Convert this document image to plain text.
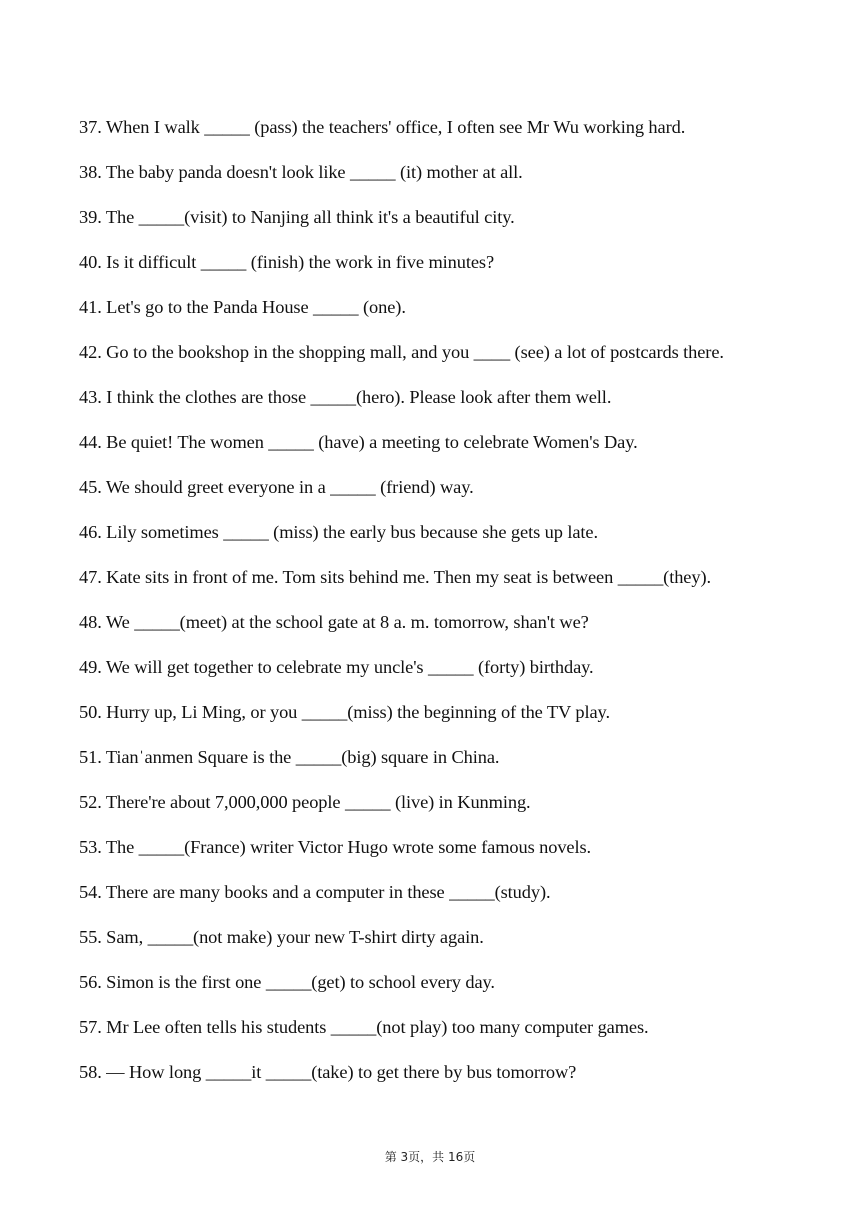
37. When I walk _____ (pass) the teachers' office, I often see Mr Wu working hard.
38. The baby panda doesn't look like _____ (it) mother at all.
39. The _____(visit) to Nanjing all think it's a beautiful city.
40. Is it difficult _____ (finish) the work in five minutes?
41. Let's go to the Panda House _____ (one).
42. Go to the bookshop in the shopping mall, and you ____ (see) a lot of postcards there.
43. I think the clothes are those _____(hero). Please look after them well.
44. Be quiet! The women _____ (have) a meeting to celebrate Women's Day.
45. We should greet everyone in a _____ (friend) way.
46. Lily sometimes _____ (miss) the early bus because she gets up late.
47. Kate sits in front of me. Tom sits behind me. Then my seat is between _____(they).
48. We _____(meet) at the school gate at 8 a. m. tomorrow, shan't we?
49. We will get together to celebrate my uncle's _____ (forty) birthday.
50. Hurry up, Li Ming, or you _____(miss) the beginning of the TV play.
51. Tianˈanmen Square is the _____(big) square in China.
52. There're about 7,000,000 people _____ (live) in Kunming.
53. The _____(France) writer Victor Hugo wrote some famous novels.
54. There are many books and a computer in these _____(study).
55. Sam, _____(not make) your new T-shirt dirty again.
56. Simon is the first one _____(get) to school every day.
57. Mr Lee often tells his students _____(not play) too many computer games.
58. — How long _____it _____(take) to get there by bus tomorrow?
第 3页，共 16页
